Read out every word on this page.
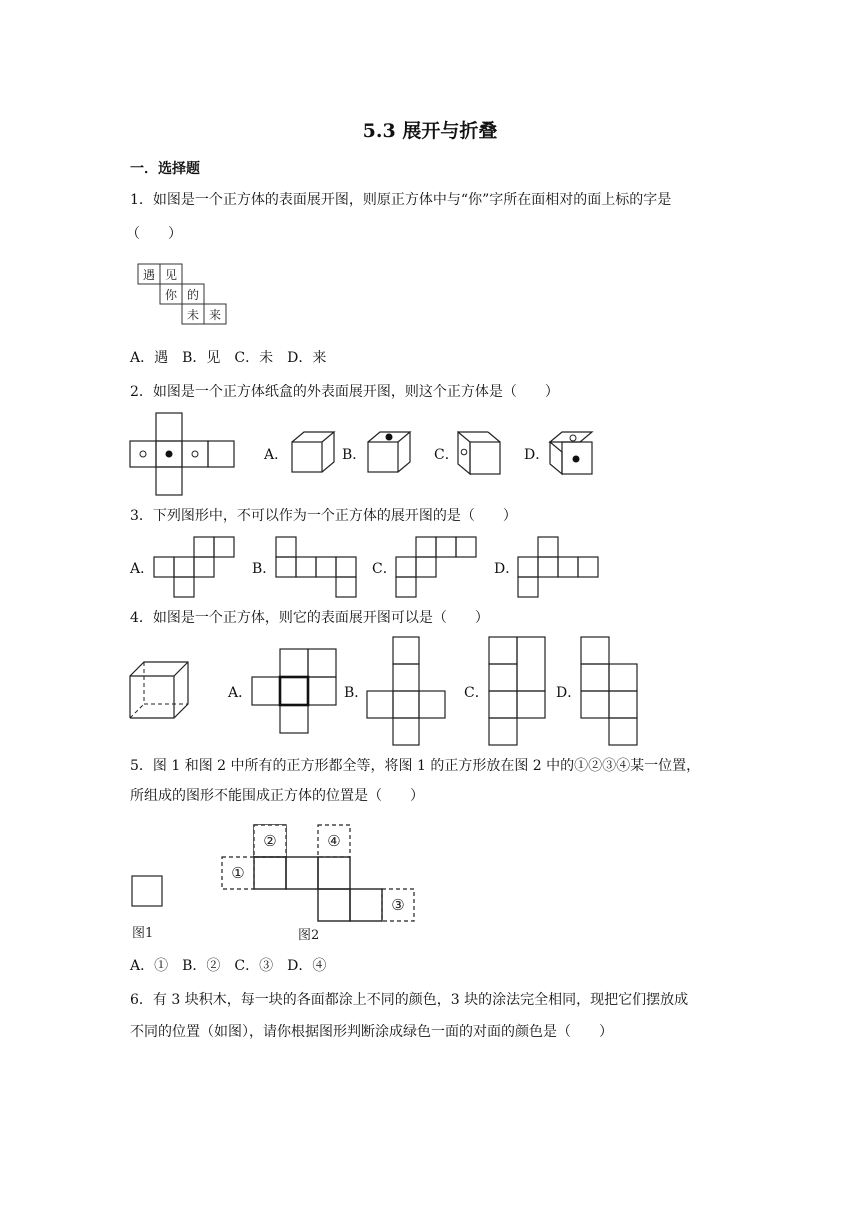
5.3 展开与折叠
一．选择题
1．如图是一个正方体的表面展开图，则原正方体中与“你”字所在面相对的面上标的字是
（　　）
遇 见
你 的
未 来
A．遇　B．见　C．未　D．来
2．如图是一个正方体纸盒的外表面展开图，则这个正方体是（　　）
A．	B．	C．	D．
3．下列图形中，不可以作为一个正方体的展开图的是（　　）
A．	B．	C．	D．
4．如图是一个正方体，则它的表面展开图可以是（　　）
A．	B．	C．	D．
5．图 1 和图 2 中所有的正方形都全等，将图 1 的正方形放在图 2 中的①②③④某一位置，
所组成的图形不能围成正方体的位置是（　　）
图1
①
②	④
③
图2
A．①　B．②　C．③　D．④
6．有 3 块积木，每一块的各面都涂上不同的颜色，3 块的涂法完全相同，现把它们摆放成
不同的位置（如图），请你根据图形判断涂成绿色一面的对面的颜色是（　　）
